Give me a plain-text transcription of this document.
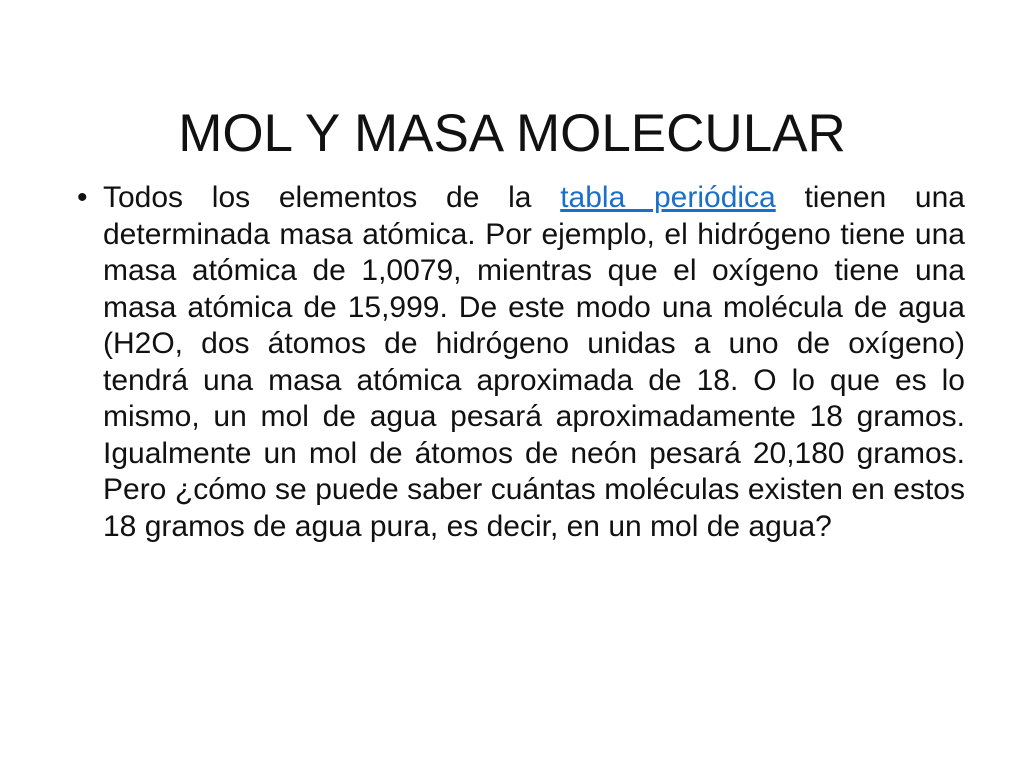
MOL Y MASA MOLECULAR
• Todos los elementos de la tabla periódica tienen una determinada masa atómica. Por ejemplo, el hidrógeno tiene una masa atómica de 1,0079, mientras que el oxígeno tiene una masa atómica de 15,999. De este modo una molécula de agua (H2O, dos átomos de hidrógeno unidas a uno de oxígeno) tendrá una masa atómica aproximada de 18. O lo que es lo mismo, un mol de agua pesará aproximadamente 18 gramos. Igualmente un mol de átomos de neón pesará 20,180 gramos. Pero ¿cómo se puede saber cuántas moléculas existen en estos 18 gramos de agua pura, es decir, en un mol de agua?
